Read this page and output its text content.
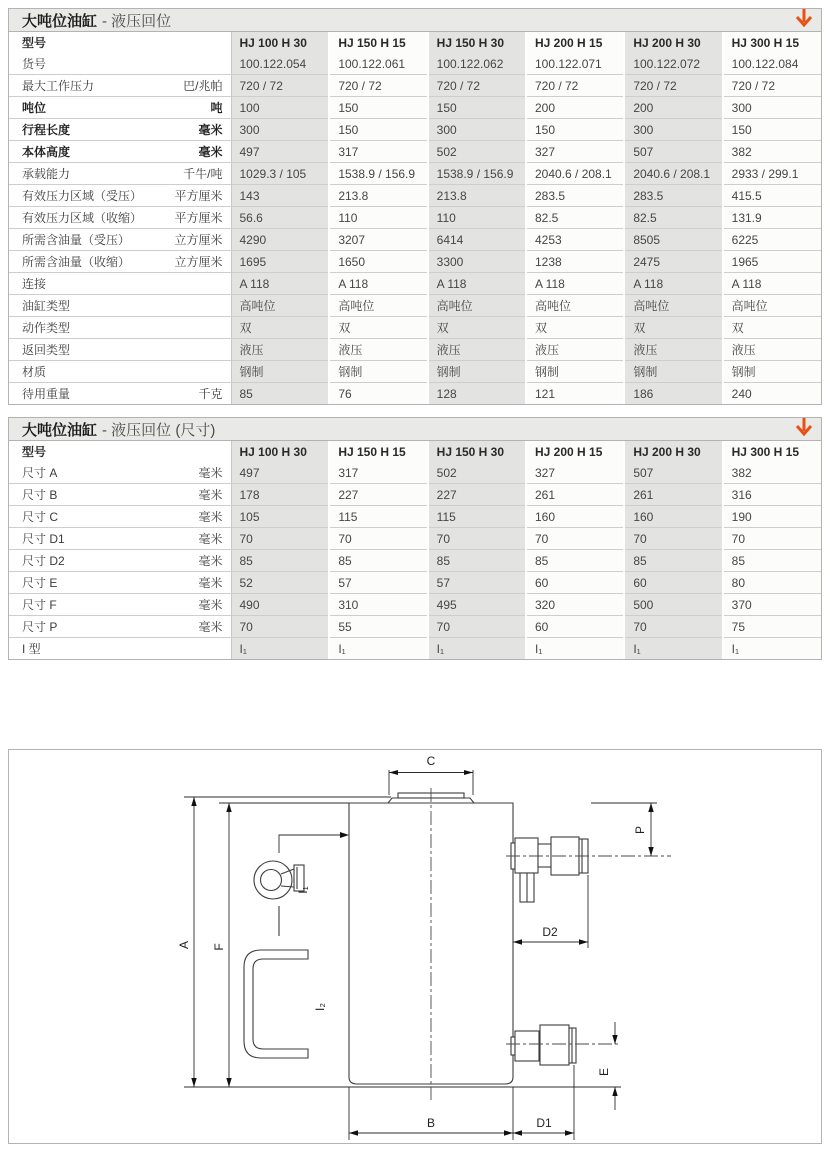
大吨位油缸 - 液压回位
型号	HJ 100 H 30	HJ 150 H 15	HJ 150 H 30	HJ 200 H 15	HJ 200 H 30	HJ 300 H 15
货号	100.122.054	100.122.061	100.122.062	100.122.071	100.122.072	100.122.084
最大工作压力 巴/兆帕	720 / 72	720 / 72	720 / 72	720 / 72	720 / 72	720 / 72
吨位 吨	100	150	150	200	200	300
行程长度 毫米	300	150	300	150	300	150
本体高度 毫米	497	317	502	327	507	382
承载能力 千牛/吨	1029.3 / 105	1538.9 / 156.9	1538.9 / 156.9	2040.6 / 208.1	2040.6 / 208.1	2933 / 299.1
有效压力区域（受压） 平方厘米	143	213.8	213.8	283.5	283.5	415.5
有效压力区域（收缩） 平方厘米	56.6	110	110	82.5	82.5	131.9
所需含油量（受压） 立方厘米	4290	3207	6414	4253	8505	6225
所需含油量（收缩） 立方厘米	1695	1650	3300	1238	2475	1965
连接	A 118	A 118	A 118	A 118	A 118	A 118
油缸类型	高吨位	高吨位	高吨位	高吨位	高吨位	高吨位
动作类型	双	双	双	双	双	双
返回类型	液压	液压	液压	液压	液压	液压
材质	钢制	钢制	钢制	钢制	钢制	钢制
待用重量 千克	85	76	128	121	186	240
大吨位油缸 - 液压回位 (尺寸)
型号	HJ 100 H 30	HJ 150 H 15	HJ 150 H 30	HJ 200 H 15	HJ 200 H 30	HJ 300 H 15
尺寸 A 毫米	497	317	502	327	507	382
尺寸 B 毫米	178	227	227	261	261	316
尺寸 C 毫米	105	115	115	160	160	190
尺寸 D1 毫米	70	70	70	70	70	70
尺寸 D2 毫米	85	85	85	85	85	85
尺寸 E 毫米	52	57	57	60	60	80
尺寸 F 毫米	490	310	495	320	500	370
尺寸 P 毫米	70	55	70	60	70	75
I 型	I₁	I₁	I₁	I₁	I₁	I₁
C
A F
I₁
I₂
P
D2
E
B	D1
